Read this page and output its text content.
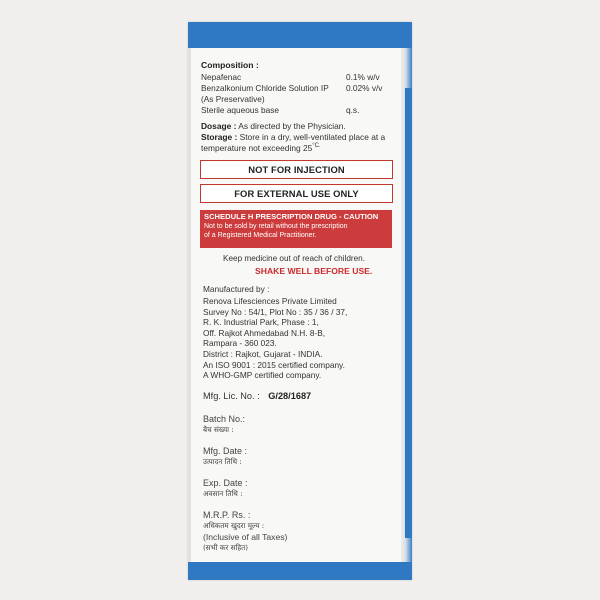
Composition :
Nepafenac	0.1% w/v
Benzalkonium Chloride Solution IP 0.02% v/v
(As Preservative)
Sterile aqueous base	q.s.
Dosage : As directed by the Physician.
Storage : Store in a dry, well-ventilated place at a
temperature not exceeding $25^{^\circ C.}$
NOT FOR INJECTION
FOR EXTERNAL USE ONLY
SCHEDULE H PRESCRIPTION DRUG - CAUTION
Not to be sold by retail without the prescription
of a Registered Medical Practitioner.
Keep medicine out of reach of children.
SHAKE WELL BEFORE USE.
Manufactured by :
Renova Lifesciences Private Limited
Survey No : 54/1, Plot No : 35 / 36 / 37,
R. K. Industrial Park, Phase : 1,
Off. Rajkot Ahmedabad N.H. 8-B,
Rampara - 360 023.
District : Rajkot, Gujarat - INDIA.
An ISO 9001 : 2015 certified company.
A WHO-GMP certified company.
Mfg. Lic. No. : G/28/1687
Batch No.:
बैच संख्या :
Mfg. Date :
उत्पादन तिथि :
Exp. Date :
अवसान तिथि :
M.R.P. Rs. :
अधिकतम खुदरा मूल्य :
(Inclusive of all Taxes)
(सभी कर सहित)
